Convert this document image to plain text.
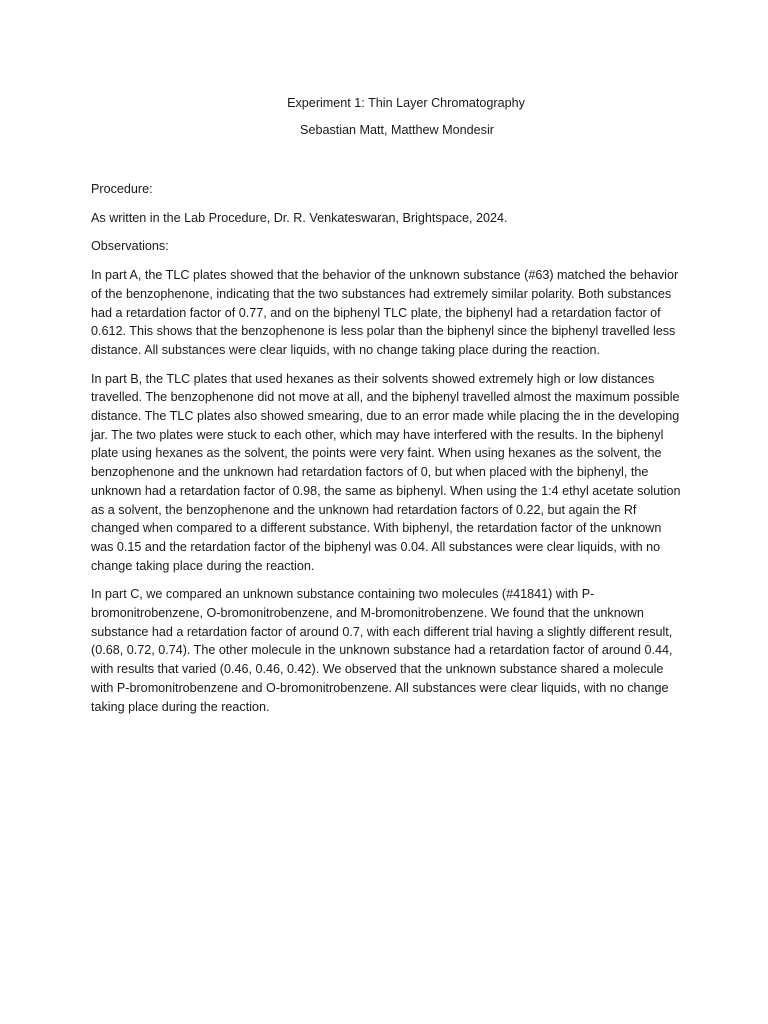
Experiment 1: Thin Layer Chromatography

Sebastian Matt, Matthew Mondesir

Procedure:

As written in the Lab Procedure, Dr. R. Venkateswaran, Brightspace, 2024.

Observations:

In part A, the TLC plates showed that the behavior of the unknown substance (#63) matched the behavior of the benzophenone, indicating that the two substances had extremely similar polarity. Both substances had a retardation factor of 0.77, and on the biphenyl TLC plate, the biphenyl had a retardation factor of 0.612. This shows that the benzophenone is less polar than the biphenyl since the biphenyl travelled less distance. All substances were clear liquids, with no change taking place during the reaction.

In part B, the TLC plates that used hexanes as their solvents showed extremely high or low distances travelled. The benzophenone did not move at all, and the biphenyl travelled almost the maximum possible distance. The TLC plates also showed smearing, due to an error made while placing the in the developing jar. The two plates were stuck to each other, which may have interfered with the results. In the biphenyl plate using hexanes as the solvent, the points were very faint. When using hexanes as the solvent, the benzophenone and the unknown had retardation factors of 0, but when placed with the biphenyl, the unknown had a retardation factor of 0.98, the same as biphenyl. When using the 1:4 ethyl acetate solution as a solvent, the benzophenone and the unknown had retardation factors of 0.22, but again the Rf changed when compared to a different substance. With biphenyl, the retardation factor of the unknown was 0.15 and the retardation factor of the biphenyl was 0.04. All substances were clear liquids, with no change taking place during the reaction.

In part C, we compared an unknown substance containing two molecules (#41841) with P-bromonitrobenzene, O-bromonitrobenzene, and M-bromonitrobenzene. We found that the unknown substance had a retardation factor of around 0.7, with each different trial having a slightly different result, (0.68, 0.72, 0.74). The other molecule in the unknown substance had a retardation factor of around 0.44, with results that varied (0.46, 0.46, 0.42). We observed that the unknown substance shared a molecule with P-bromonitrobenzene and O-bromonitrobenzene. All substances were clear liquids, with no change taking place during the reaction.
